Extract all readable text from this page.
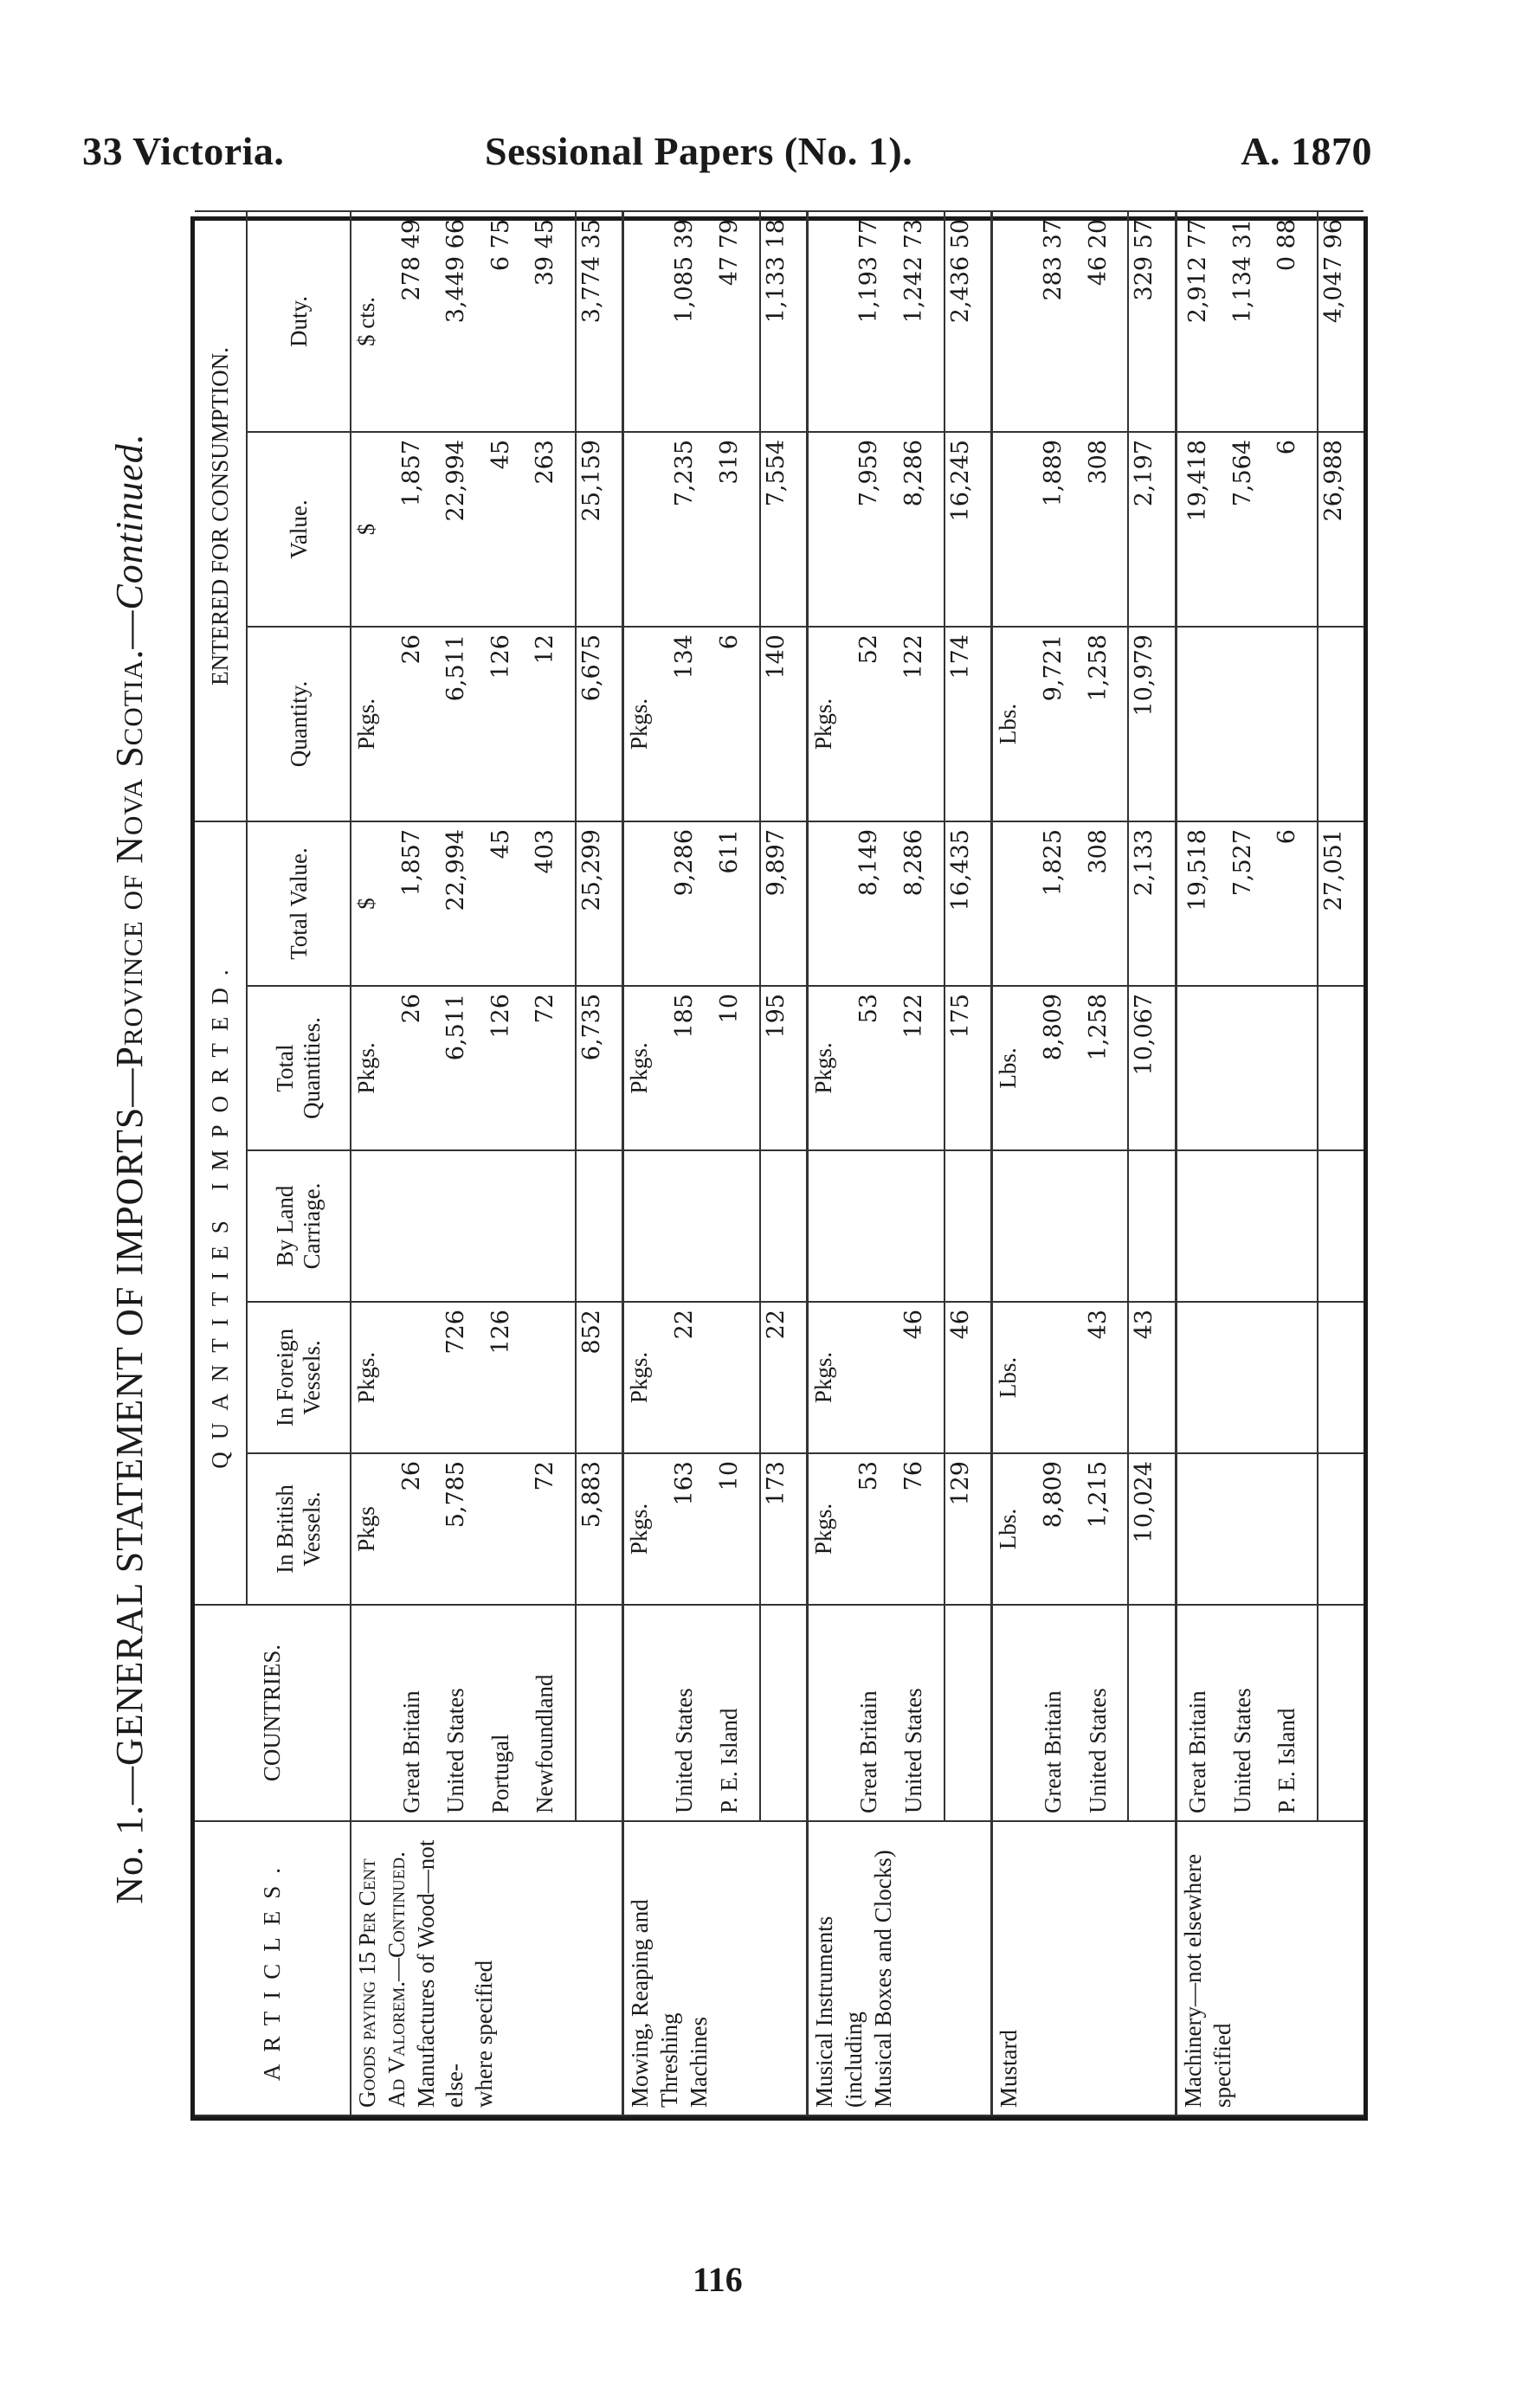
33 Victoria.	Sessional Papers (No. 1).	A. 1870
No. 1.—GENERAL STATEMENT OF IMPORTS—Province of Nova Scotia.—Continued.
ARTICLES.	COUNTRIES.	QUANTITIES IMPORTED.					ENTERED FOR CONSUMPTION.		
		In British Vessels.	In Foreign Vessels.	By Land Carriage.	Total Quantities.	Total Value.	Quantity.	Value.	Duty.

Goods paying 15 Per Cent Ad Valorem.—Continued. Manufactures of Wood—not else- where specified		Pkgs	Pkgs.		Pkgs.	$	Pkgs.	$	$ cts.
	Great Britain	26			26	1,857	26	1,857	278 49
	United States	5,785	726		6,511	22,994	6,511	22,994	3,449 66
	Portugal		126		126	45	126	45	6 75
	Newfoundland	72			72	403	12	263	39 45
		5,883	852		6,735	25,299	6,675	25,159	3,774 35

Mowing, Reaping and Threshing Machines		Pkgs.	Pkgs.		Pkgs.		Pkgs.		
	United States	163	22		185	9,286	134	7,235	1,085 39
	P. E. Island	10			10	611	6	319	47 79
		173	22		195	9,897	140	7,554	1,133 18

Musical Instruments (including Musical Boxes and Clocks)		Pkgs.	Pkgs.		Pkgs.		Pkgs.		
	Great Britain	53			53	8,149	52	7,959	1,193 77
	United States	76	46		122	8,286	122	8,286	1,242 73
		129	46		175	16,435	174	16,245	2,436 50

Mustard		Lbs.	Lbs.		Lbs.		Lbs.		
	Great Britain	8,809			8,809	1,825	9,721	1,889	283 37
	United States	1,215	43		1,258	308	1,258	308	46 20
		10,024	43		10,067	2,133	10,979	2,197	329 57

Machinery—not elsewhere specified									

	Great Britain					19,518		19,418	2,912 77
	United States					7,527		7,564	1,134 31
	P. E. Island					6		6	0 88
						27,051		26,988	4,047 96
116
